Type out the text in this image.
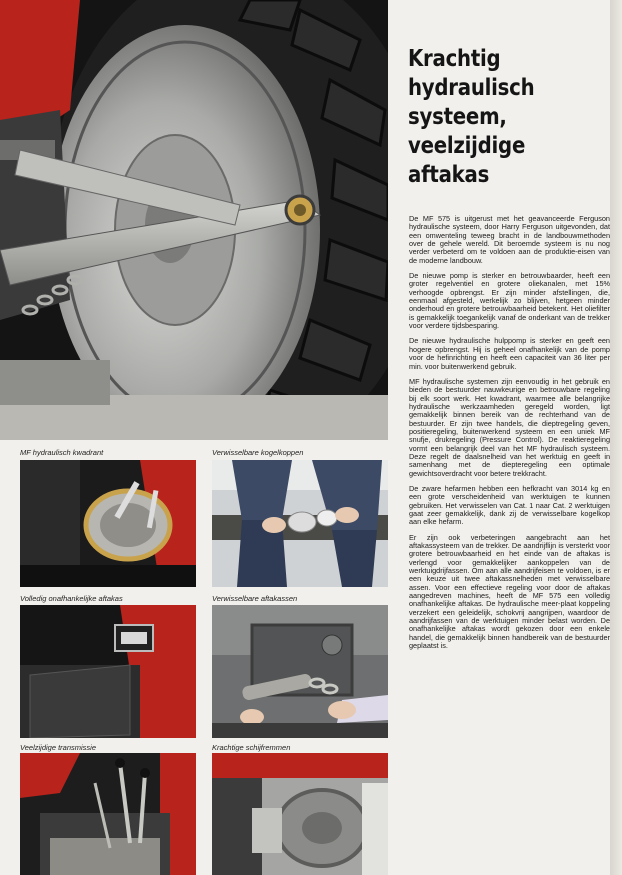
MF hydraulisch kwadrant	Verwisselbare kogelkoppen
Volledig onafhankelijke aftakas	Verwisselbare aftakassen
Veelzijdige transmissie	Krachtige schijfremmen
Krachtig
hydraulisch
systeem,
veelzijdige
aftakas

De MF 575 is uitgerust met het geavanceerde Ferguson hydraulische systeem, door Harry Ferguson uitgevonden, dat een omwenteling teweeg bracht in de landbouwmethoden over de gehele wereld. Dit beroemde systeem is nu nog verder verbeterd om te voldoen aan de produktie-eisen van de moderne landbouw.

De nieuwe pomp is sterker en betrouwbaarder, heeft een groter regelventiel en grotere oliekanalen, met 15% verhoogde opbrengst. Er zijn minder afstellingen, die, eenmaal afgesteld, werkelijk zo blijven, hetgeen minder onderhoud en grotere betrouwbaarheid betekent. Het oliefilter is gemakkelijk toegankelijk vanaf de onderkant van de trekker voor verdere tijdsbesparing.

De nieuwe hydraulische hulppomp is sterker en geeft een hogere opbrengst. Hij is geheel onafhankelijk van de pomp voor de hefinrichting en heeft een capaciteit van 36 liter per min. voor buitenwerkend gebruik.

MF hydraulische systemen zijn eenvoudig in het gebruik en bieden de bestuurder nauwkeurige en betrouwbare regeling bij elk soort werk. Het kwadrant, waarmee alle belangrijke hydraulische werkzaamheden geregeld worden, ligt gemakkelijk binnen bereik van de rechterhand van de bestuurder. Er zijn twee handels, die dieptregeling geven, positieregeling, buitenwerkend systeem en een uniek MF snufje, drukregeling (Pressure Control). De reaktieregeling vormt een belangrijk deel van het MF hydraulisch systeem. Deze regelt de daalsnelheid van het werktuig en geeft in samenhang met de diepteregeling een optimale gewichtsoverdracht voor betere trekkracht.

De zware hefarmen hebben een hefkracht van 3014 kg en een grote verscheidenheid van werktuigen te kunnen gebruiken. Het verwisselen van Cat. 1 naar Cat. 2 werktuigen gaat zeer gemakkelijk, dank zij de verwisselbare kogelkop aan elke hefarm.

Er zijn ook verbeteringen aangebracht aan het aftakassysteem van de trekker. De aandrijflijn is versterkt voor grotere betrouwbaarheid en het einde van de aftakas is verlengd voor gemakkelijker aankoppelen van de werktuigdrijfassen. Om aan alle aandrijfeisen te voldoen, is er een keuze uit twee aftakassnelheden met verwisselbare assen. Voor een effectieve regeling voor door de aftakas aangedreven machines, heeft de MF 575 een volledig onafhankelijke aftakas. De hydraulische meer-plaat koppeling verzekert een geleidelijk, schokvrij aangrijpen, waardoor de aandrijfassen van de werktuigen minder belast worden. De onafhankelijke aftakas wordt gekozen door een enkele handel, die gemakkelijk binnen handbereik van de bestuurder geplaatst is.
